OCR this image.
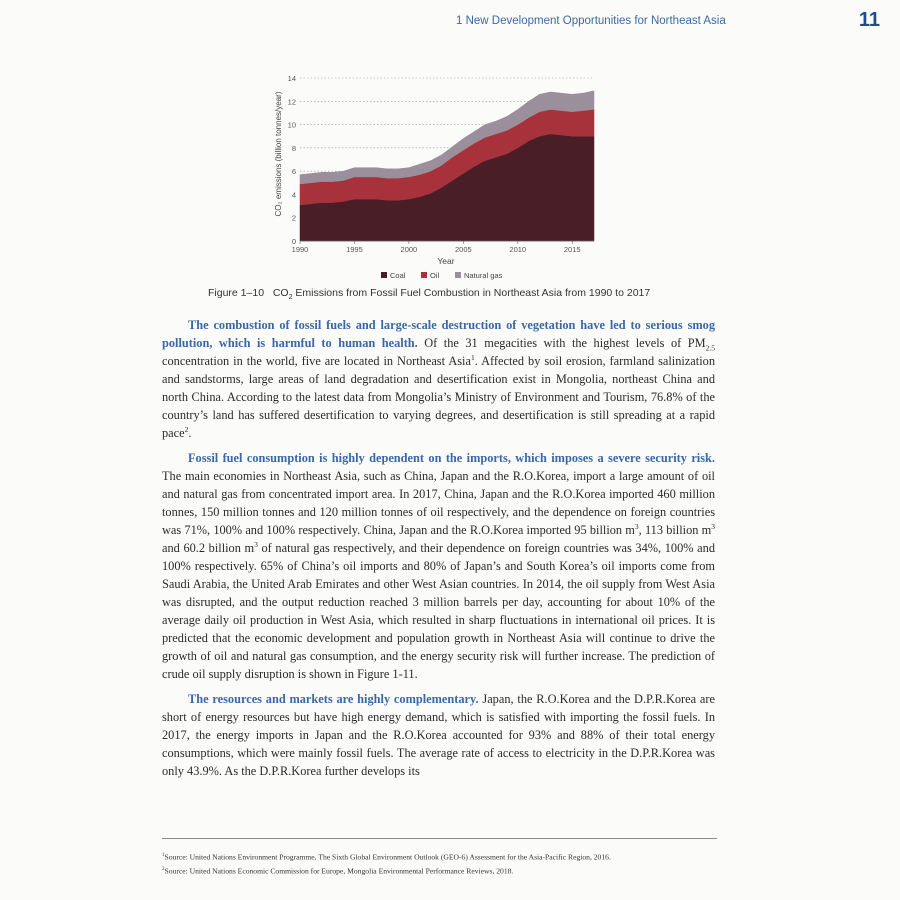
1 New Development Opportunities for Northeast Asia	11
CO₂ emissions (billion tonnes/year)
0
2
4
6
8
10
12
14
1990	1995	2000	2005	2010	2015
Year
Coal	Oil	Natural gas
Figure 1–10 $CO_2$ Emissions from Fossil Fuel Combustion in Northeast Asia from 1990 to 2017

The combustion of fossil fuels and large-scale destruction of vegetation have led to serious smog pollution, which is harmful to human health. Of the 31 megacities with the highest levels of $PM_{2.5}$ concentration in the world, five are located in Northeast Asia$^1$. Affected by soil erosion, farmland salinization and sandstorms, large areas of land degradation and desertification exist in Mongolia, northeast China and north China. According to the latest data from Mongolia’s Ministry of Environment and Tourism, 76.8% of the country’s land has suffered desertification to varying degrees, and desertification is still spreading at a rapid pace$^2$.

Fossil fuel consumption is highly dependent on the imports, which imposes a severe security risk. The main economies in Northeast Asia, such as China, Japan and the R.O.Korea, import a large amount of oil and natural gas from concentrated import area. In 2017, China, Japan and the R.O.Korea imported 460 million tonnes, 150 million tonnes and 120 million tonnes of oil respectively, and the dependence on foreign countries was 71%, 100% and 100% respectively. China, Japan and the R.O.Korea imported 95 billion $m^3$, 113 billion $m^3$ and 60.2 billion $m^3$ of natural gas respectively, and their dependence on foreign countries was 34%, 100% and 100% respectively. 65% of China’s oil imports and 80% of Japan’s and South Korea’s oil imports come from Saudi Arabia, the United Arab Emirates and other West Asian countries. In 2014, the oil supply from West Asia was disrupted, and the output reduction reached 3 million barrels per day, accounting for about 10% of the average daily oil production in West Asia, which resulted in sharp fluctuations in international oil prices. It is predicted that the economic development and population growth in Northeast Asia will continue to drive the growth of oil and natural gas consumption, and the energy security risk will further increase. The prediction of crude oil supply disruption is shown in Figure 1-11.

The resources and markets are highly complementary. Japan, the R.O.Korea and the D.P.R.Korea are short of energy resources but have high energy demand, which is satisfied with importing the fossil fuels. In 2017, the energy imports in Japan and the R.O.Korea accounted for 93% and 88% of their total energy consumptions, which were mainly fossil fuels. The average rate of access to electricity in the D.P.R.Korea was only 43.9%. As the D.P.R.Korea further develops its

$^1$Source: United Nations Environment Programme, The Sixth Global Environment Outlook (GEO-6) Assessment for the Asia-Pacific Region, 2016.
$^2$Source: United Nations Economic Commission for Europe, Mongolia Environmental Performance Reviews, 2018.
